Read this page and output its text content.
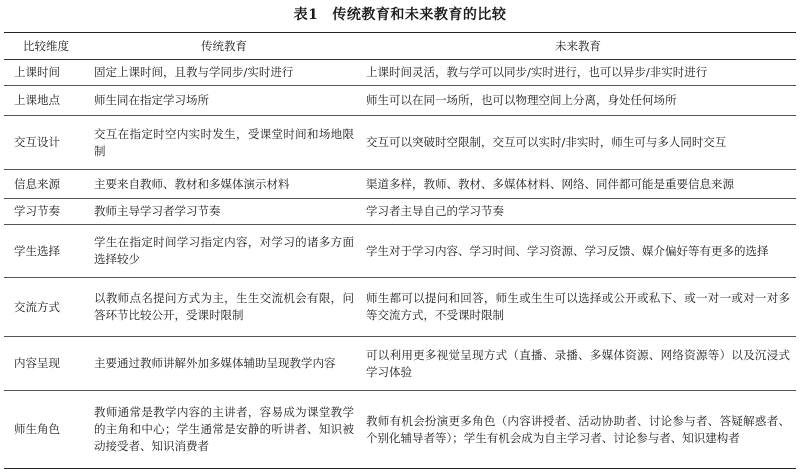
表1 传统教育和未来教育的比较
比较维度	传统教育	未来教育
上课时间	固定上课时间，且教与学同步/实时进行	上课时间灵活，教与学可以同步/实时进行，也可以异步/非实时进行
上课地点	师生同在指定学习场所	师生可以在同一场所，也可以物理空间上分离，身处任何场所
交互设计	交互在指定时空内实时发生，受课堂时间和场地限制	交互可以突破时空限制，交互可以实时/非实时，师生可与多人同时交互
信息来源	主要来自教师、教材和多媒体演示材料	渠道多样，教师、教材、多媒体材料、网络、同伴都可能是重要信息来源
学习节奏	教师主导学习者学习节奏	学习者主导自己的学习节奏
学生选择	学生在指定时间学习指定内容，对学习的诸多方面选择较少	学生对于学习内容、学习时间、学习资源、学习反馈、媒介偏好等有更多的选择
交流方式	以教师点名提问方式为主，生生交流机会有限，问答环节比较公开，受课时限制	师生都可以提问和回答，师生或生生可以选择或公开或私下、或一对一或对一对多等交流方式，不受课时限制
内容呈现	主要通过教师讲解外加多媒体辅助呈现教学内容	可以利用更多视觉呈现方式（直播、录播、多媒体资源、网络资源等）以及沉浸式学习体验
师生角色	教师通常是教学内容的主讲者，容易成为课堂教学的主角和中心；学生通常是安静的听讲者、知识被动接受者、知识消费者	教师有机会扮演更多角色（内容讲授者、活动协助者、讨论参与者、答疑解惑者、个别化辅导者等）；学生有机会成为自主学习者、讨论参与者、知识建构者
